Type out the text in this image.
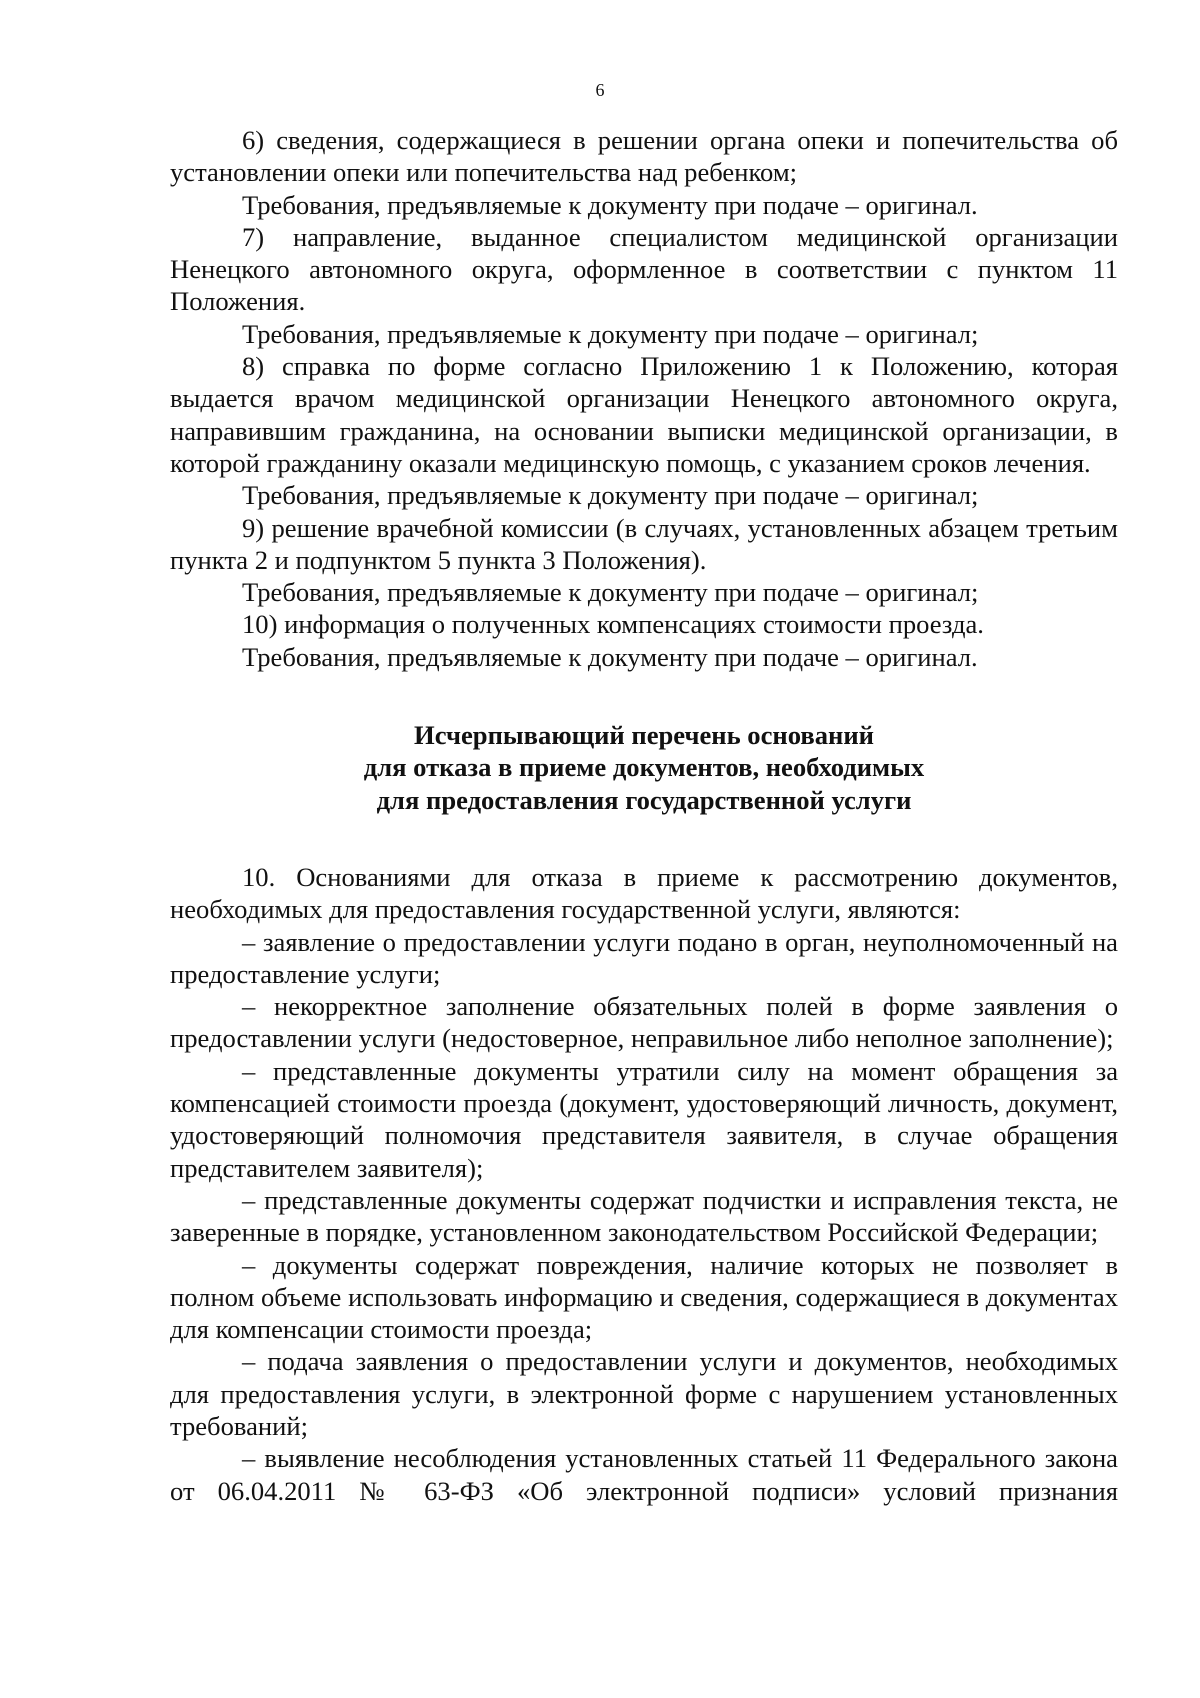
6

6) сведения, содержащиеся в решении органа опеки и попечительства об установлении опеки или попечительства над ребенком;

Требования, предъявляемые к документу при подаче – оригинал.

7) направление, выданное специалистом медицинской организации Ненецкого автономного округа, оформленное в соответствии с пунктом 11 Положения.

Требования, предъявляемые к документу при подаче – оригинал;

8) справка по форме согласно Приложению 1 к Положению, которая выдается врачом медицинской организации Ненецкого автономного округа, направившим гражданина, на основании выписки медицинской организации, в которой гражданину оказали медицинскую помощь, с указанием сроков лечения.

Требования, предъявляемые к документу при подаче – оригинал;

9) решение врачебной комиссии (в случаях, установленных абзацем третьим пункта 2 и подпунктом 5 пункта 3 Положения).

Требования, предъявляемые к документу при подаче – оригинал;

10) информация о полученных компенсациях стоимости проезда.

Требования, предъявляемые к документу при подаче – оригинал.

Исчерпывающий перечень оснований
для отказа в приеме документов, необходимых
для предоставления государственной услуги

10. Основаниями для отказа в приеме к рассмотрению документов, необходимых для предоставления государственной услуги, являются:

– заявление о предоставлении услуги подано в орган, неуполномоченный на предоставление услуги;

– некорректное заполнение обязательных полей в форме заявления о предоставлении услуги (недостоверное, неправильное либо неполное заполнение);

– представленные документы утратили силу на момент обращения за компенсацией стоимости проезда (документ, удостоверяющий личность, документ, удостоверяющий полномочия представителя заявителя, в случае обращения представителем заявителя);

– представленные документы содержат подчистки и исправления текста, не заверенные в порядке, установленном законодательством Российской Федерации;

– документы содержат повреждения, наличие которых не позволяет в полном объеме использовать информацию и сведения, содержащиеся в документах для компенсации стоимости проезда;

– подача заявления о предоставлении услуги и документов, необходимых для предоставления услуги, в электронной форме с нарушением установленных требований;

– выявление несоблюдения установленных статьей 11 Федерального закона от 06.04.2011 № 63-ФЗ «Об электронной подписи» условий признания
